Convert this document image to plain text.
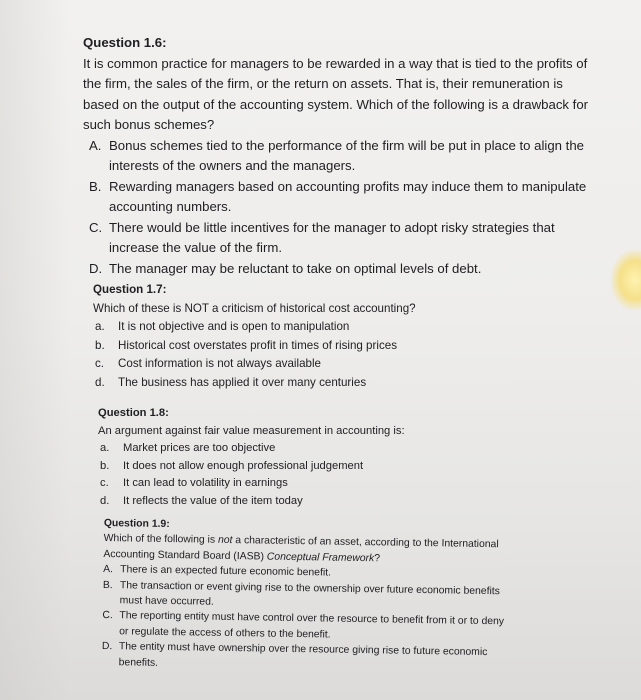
Question 1.6:
It is common practice for managers to be rewarded in a way that is tied to the profits of
the firm, the sales of the firm, or the return on assets. That is, their remuneration is
based on the output of the accounting system. Which of the following is a drawback for
such bonus schemes?
A. Bonus schemes tied to the performance of the firm will be put in place to align the
interests of the owners and the managers.
B. Rewarding managers based on accounting profits may induce them to manipulate
accounting numbers.
C. There would be little incentives for the manager to adopt risky strategies that
increase the value of the firm.
D. The manager may be reluctant to take on optimal levels of debt.
Question 1.7:
Which of these is NOT a criticism of historical cost accounting?
a. It is not objective and is open to manipulation
b. Historical cost overstates profit in times of rising prices
c. Cost information is not always available
d. The business has applied it over many centuries
Question 1.8:
An argument against fair value measurement in accounting is:
a. Market prices are too objective
b. It does not allow enough professional judgement
c. It can lead to volatility in earnings
d. It reflects the value of the item today
Question 1.9:
Which of the following is not a characteristic of an asset, according to the International
Accounting Standard Board (IASB) Conceptual Framework?
A. There is an expected future economic benefit.
B. The transaction or event giving rise to the ownership over future economic benefits
must have occurred.
C. The reporting entity must have control over the resource to benefit from it or to deny
or regulate the access of others to the benefit.
D. The entity must have ownership over the resource giving rise to future economic
benefits.
